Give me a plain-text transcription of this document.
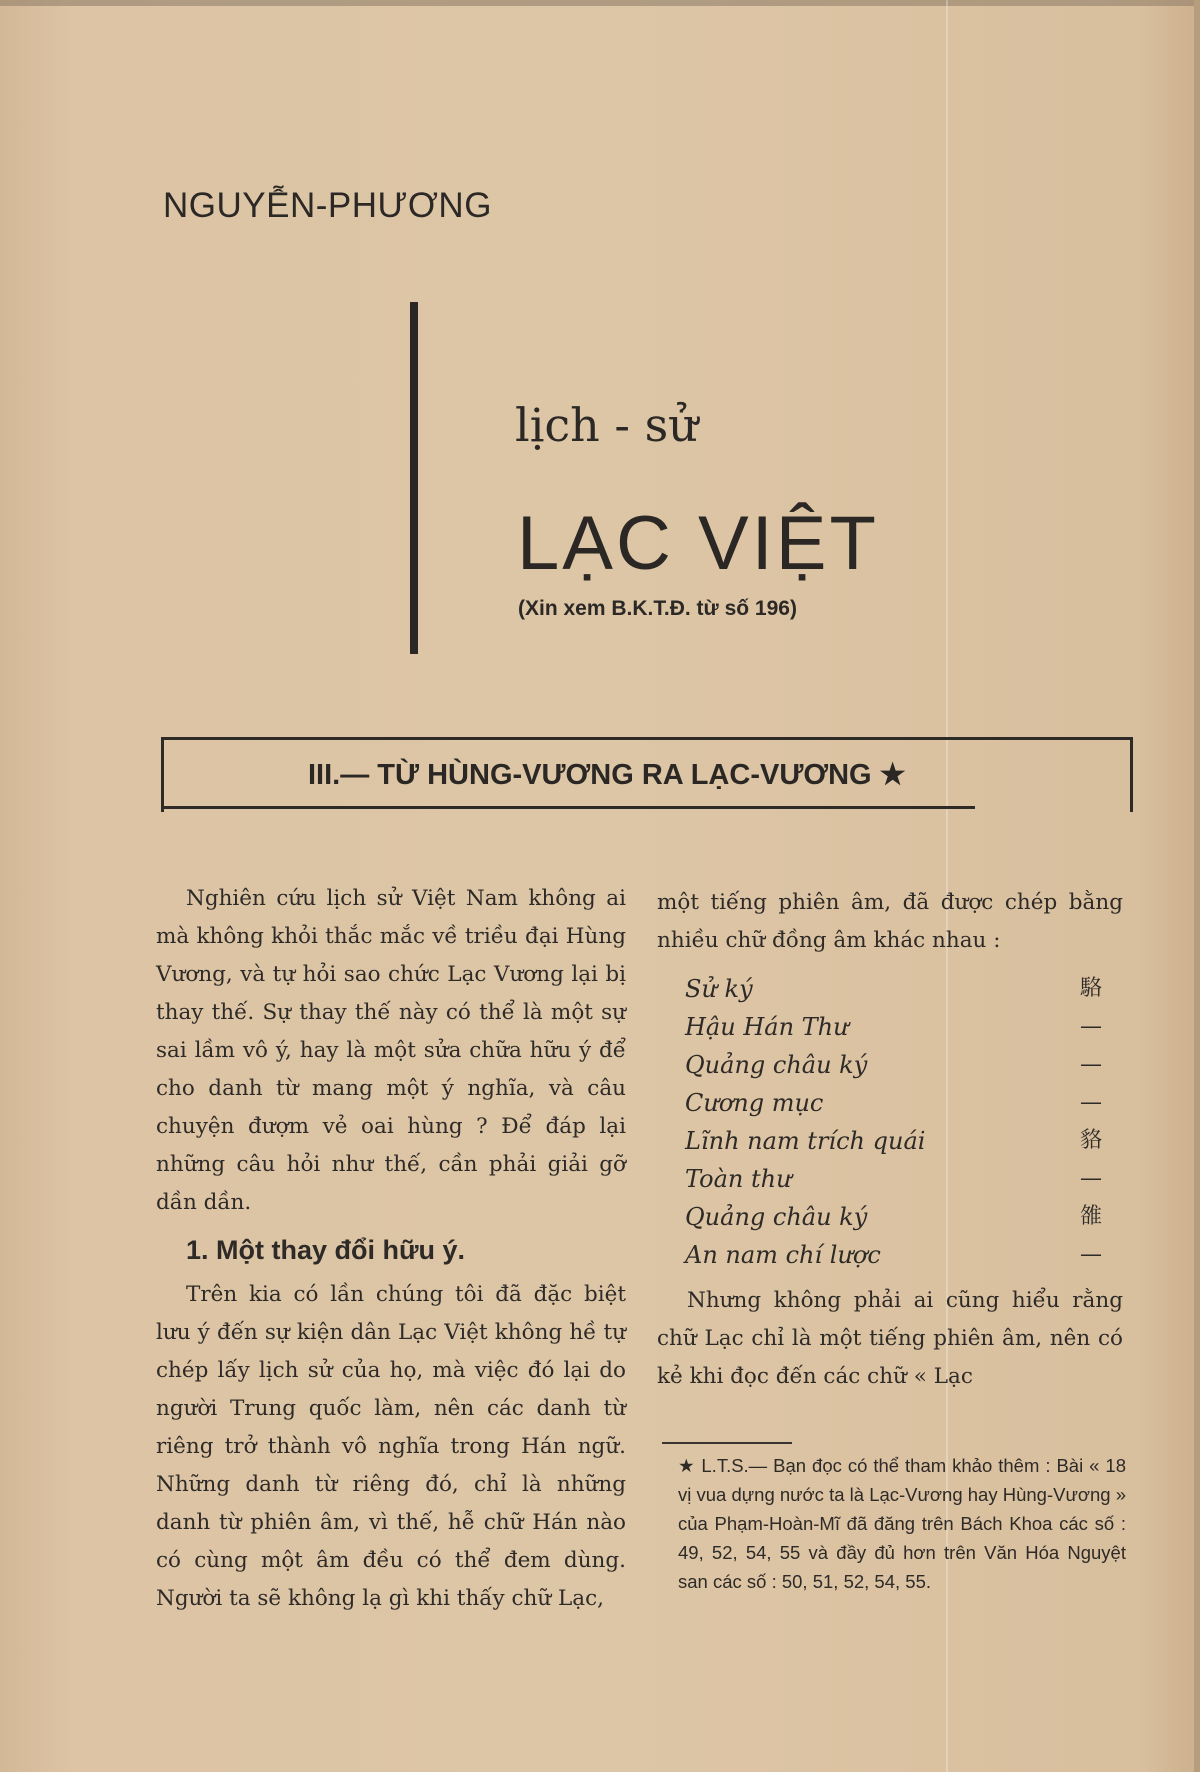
NGUYỄN-PHƯƠNG
lịch - sử
LẠC VIỆT
(Xin xem B.K.T.Đ. từ số 196)
III.— TỪ HÙNG-VƯƠNG RA LẠC-VƯƠNG ★

Nghiên cứu lịch sử Việt Nam không ai mà không khỏi thắc mắc về triều đại Hùng Vương, và tự hỏi sao chức Lạc Vương lại bị thay thế. Sự thay thế này có thể là một sự sai lầm vô ý, hay là một sửa chữa hữu ý để cho danh từ mang một ý nghĩa, và câu chuyện đượm vẻ oai hùng ? Để đáp lại những câu hỏi như thế, cần phải giải gỡ dần dần.

1. Một thay đổi hữu ý.

Trên kia có lần chúng tôi đã đặc biệt lưu ý đến sự kiện dân Lạc Việt không hề tự chép lấy lịch sử của họ, mà việc đó lại do người Trung quốc làm, nên các danh từ riêng trở thành vô nghĩa trong Hán ngữ. Những danh từ riêng đó, chỉ là những danh từ phiên âm, vì thế, hễ chữ Hán nào có cùng một âm đều có thể đem dùng. Người ta sẽ không lạ gì khi thấy chữ Lạc,

một tiếng phiên âm, đã được chép bằng nhiều chữ đồng âm khác nhau :

Sử ký	駱
Hậu Hán Thư	—
Quảng châu ký	—
Cương mục	—
Lĩnh nam trích quái	貉
Toàn thư	—
Quảng châu ký	雒
An nam chí lược	—

Nhưng không phải ai cũng hiểu rằng chữ Lạc chỉ là một tiếng phiên âm, nên có kẻ khi đọc đến các chữ « Lạc

★ L.T.S.— Bạn đọc có thể tham khảo thêm : Bài « 18 vị vua dựng nước ta là Lạc-Vương hay Hùng-Vương » của Phạm-Hoàn-Mĩ đã đăng trên Bách Khoa các số : 49, 52, 54, 55 và đầy đủ hơn trên Văn Hóa Nguyệt san các số : 50, 51, 52, 54, 55.
